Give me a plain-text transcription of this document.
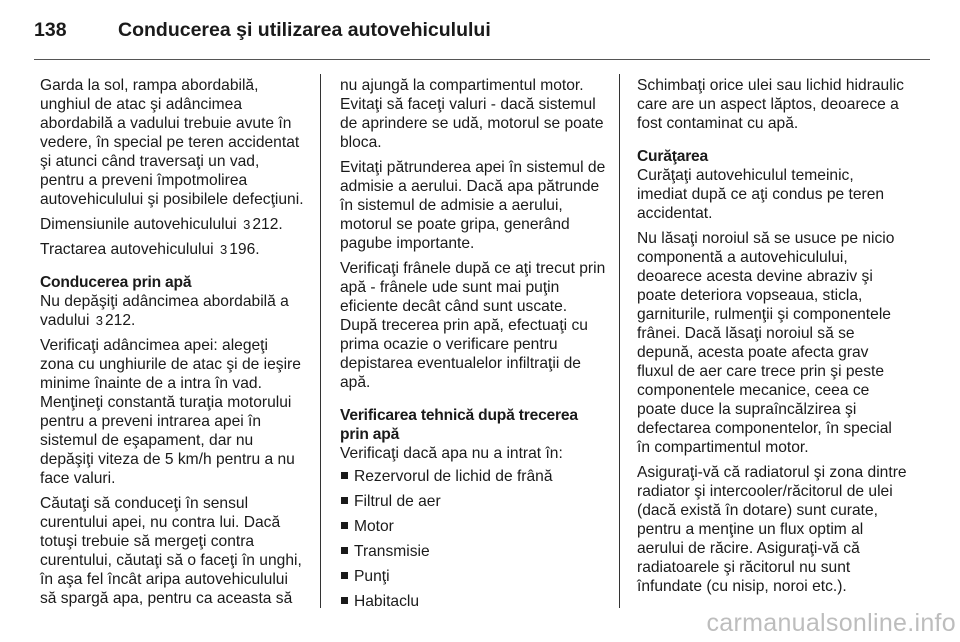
138	Conducerea şi utilizarea autovehiculului

Garda la sol, rampa abordabilă, unghiul de atac şi adâncimea abordabilă a vadului trebuie avute în vedere, în special pe teren accidentat şi atunci când traversaţi un vad, pentru a preveni împotmolirea autovehiculului şi posibilele defecţiuni.

Dimensiunile autovehiculului 3 212.

Tractarea autovehiculului 3 196.

Conducerea prin apă

Nu depăşiţi adâncimea abordabilă a vadului 3 212.

Verificaţi adâncimea apei: alegeţi zona cu unghiurile de atac şi de ieşire minime înainte de a intra în vad. Menţineţi constantă turaţia motorului pentru a preveni intrarea apei în sistemul de eşapament, dar nu depăşiţi viteza de 5 km/h pentru a nu face valuri.

Căutaţi să conduceţi în sensul curentului apei, nu contra lui. Dacă totuşi trebuie să mergeţi contra curentului, căutaţi să o faceţi în unghi, în aşa fel încât aripa autovehiculului să spargă apa, pentru ca aceasta să

nu ajungă la compartimentul motor. Evitaţi să faceţi valuri - dacă sistemul de aprindere se udă, motorul se poate bloca.

Evitaţi pătrunderea apei în sistemul de admisie a aerului. Dacă apa pătrunde în sistemul de admisie a aerului, motorul se poate gripa, generând pagube importante.

Verificaţi frânele după ce aţi trecut prin apă - frânele ude sunt mai puţin eficiente decât când sunt uscate. După trecerea prin apă, efectuaţi cu prima ocazie o verificare pentru depistarea eventualelor infiltraţii de apă.

Verificarea tehnică după trecerea prin apă

Verificaţi dacă apa nu a intrat în:

Rezervorul de lichid de frână
Filtrul de aer
Motor
Transmisie
Punţi
Habitaclu

Schimbaţi orice ulei sau lichid hidraulic care are un aspect lăptos, deoarece a fost contaminat cu apă.

Curăţarea

Curăţaţi autovehiculul temeinic, imediat după ce aţi condus pe teren accidentat.

Nu lăsaţi noroiul să se usuce pe nicio componentă a autovehiculului, deoarece acesta devine abraziv şi poate deteriora vopseaua, sticla, garniturile, rulmenţii şi componentele frânei. Dacă lăsaţi noroiul să se depună, acesta poate afecta grav fluxul de aer care trece prin şi peste componentele mecanice, ceea ce poate duce la supraîncălzirea şi defectarea componentelor, în special în compartimentul motor.

Asiguraţi-vă că radiatorul şi zona dintre radiator şi intercooler/răcitorul de ulei (dacă există în dotare) sunt curate, pentru a menţine un flux optim al aerului de răcire. Asiguraţi-vă că radiatoarele şi răcitorul nu sunt înfundate (cu nisip, noroi etc.).

carmanualsonline.info
